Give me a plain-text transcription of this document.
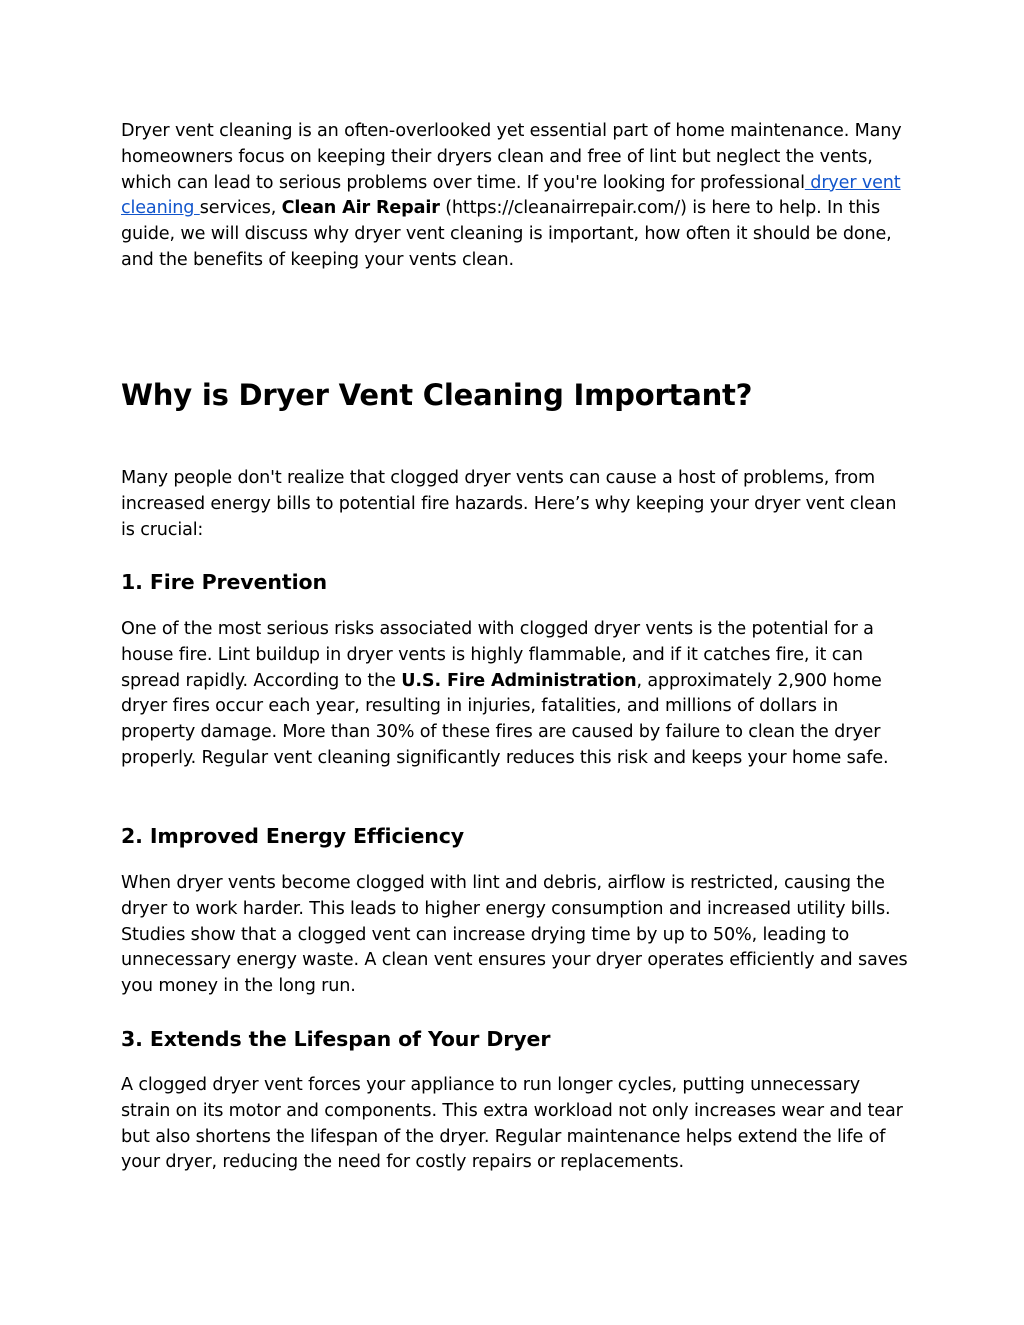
Dryer vent cleaning is an often-overlooked yet essential part of home maintenance. Many homeowners focus on keeping their dryers clean and free of lint but neglect the vents, which can lead to serious problems over time. If you're looking for professional dryer vent cleaning services, Clean Air Repair (https://cleanairrepair.com/) is here to help. In this guide, we will discuss why dryer vent cleaning is important, how often it should be done, and the benefits of keeping your vents clean.

Why is Dryer Vent Cleaning Important?

Many people don't realize that clogged dryer vents can cause a host of problems, from increased energy bills to potential fire hazards. Here’s why keeping your dryer vent clean is crucial:

1. Fire Prevention

One of the most serious risks associated with clogged dryer vents is the potential for a house fire. Lint buildup in dryer vents is highly flammable, and if it catches fire, it can spread rapidly. According to the U.S. Fire Administration, approximately 2,900 home dryer fires occur each year, resulting in injuries, fatalities, and millions of dollars in property damage. More than 30% of these fires are caused by failure to clean the dryer properly. Regular vent cleaning significantly reduces this risk and keeps your home safe.

2. Improved Energy Efficiency

When dryer vents become clogged with lint and debris, airflow is restricted, causing the dryer to work harder. This leads to higher energy consumption and increased utility bills. Studies show that a clogged vent can increase drying time by up to 50%, leading to unnecessary energy waste. A clean vent ensures your dryer operates efficiently and saves you money in the long run.

3. Extends the Lifespan of Your Dryer

A clogged dryer vent forces your appliance to run longer cycles, putting unnecessary strain on its motor and components. This extra workload not only increases wear and tear but also shortens the lifespan of the dryer. Regular maintenance helps extend the life of your dryer, reducing the need for costly repairs or replacements.
